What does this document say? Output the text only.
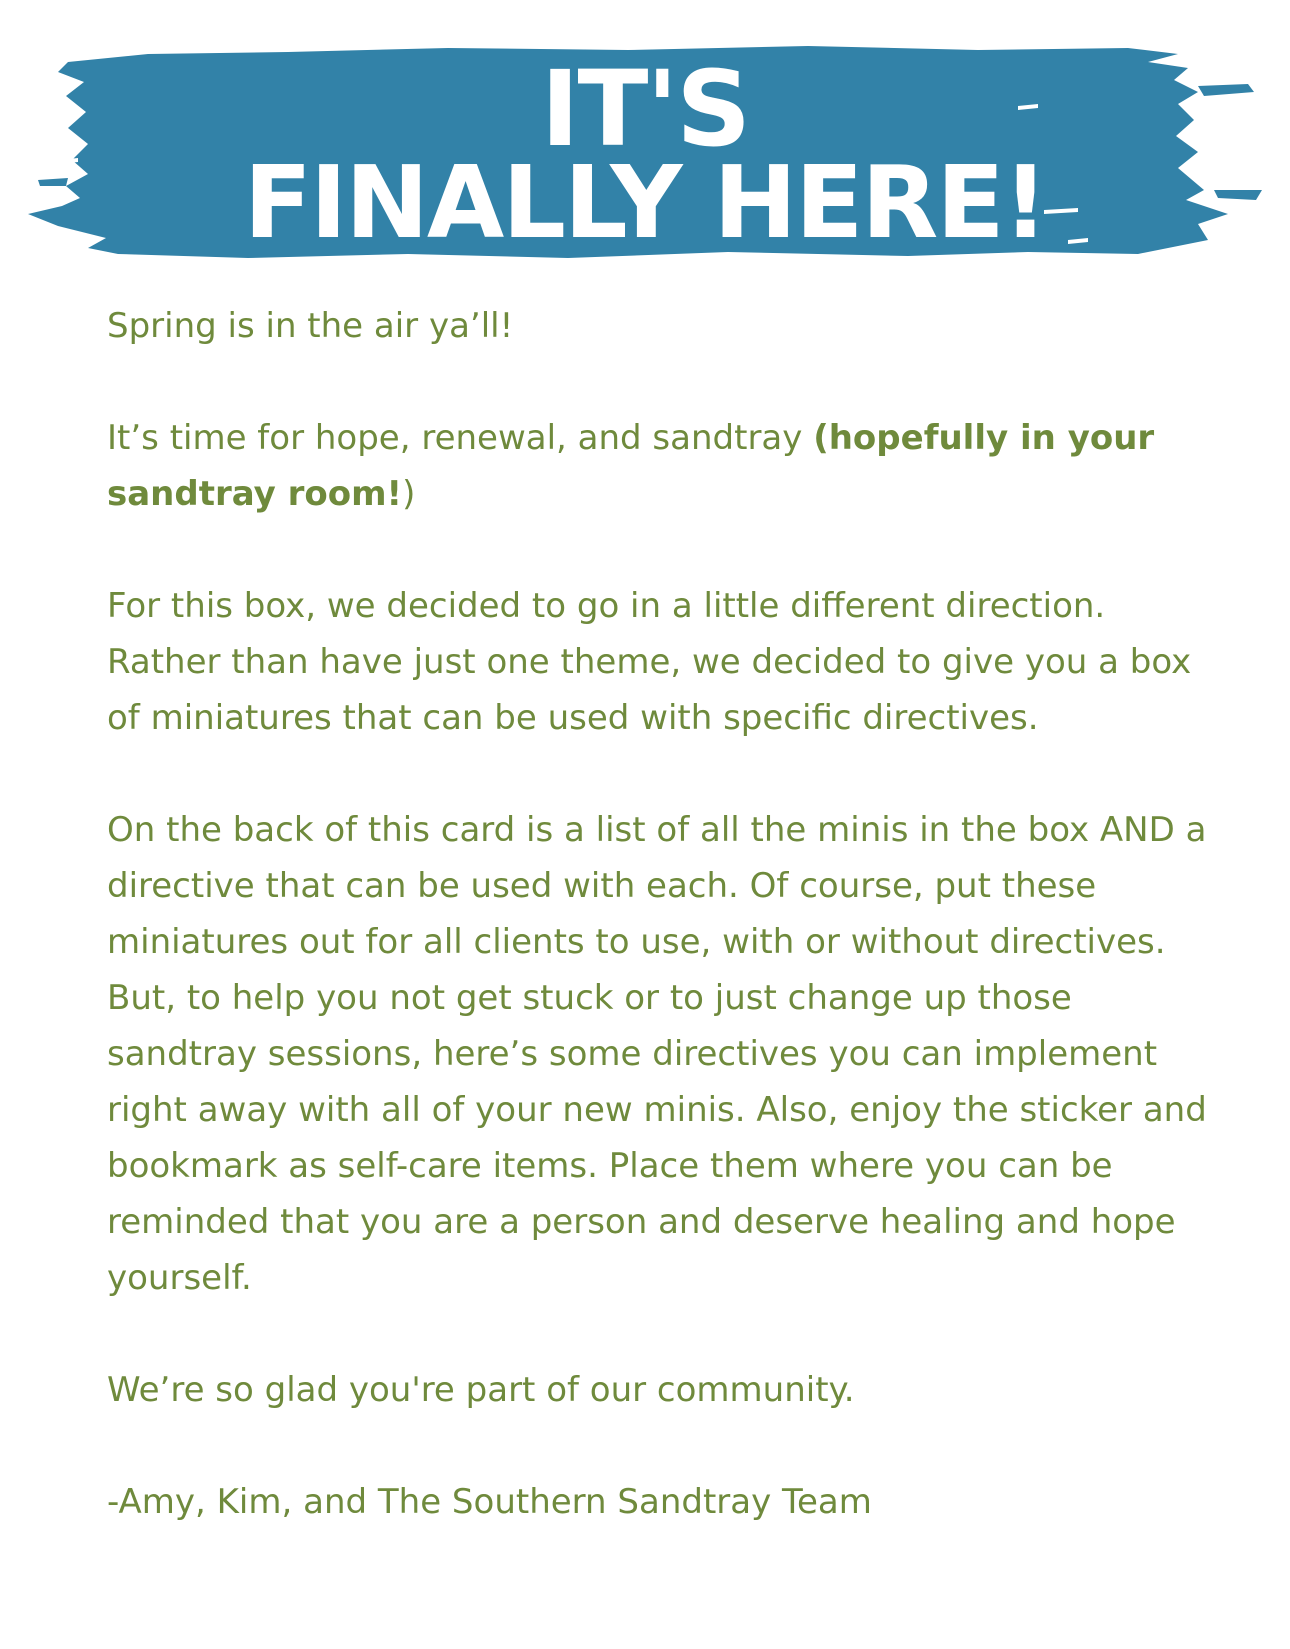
IT'S
FINALLY HERE!

Spring is in the air ya’ll!

It’s time for hope, renewal, and sandtray (hopefully in your sandtray room!)

For this box, we decided to go in a little different direction. Rather than have just one theme, we decided to give you a box of miniatures that can be used with specific directives.

On the back of this card is a list of all the minis in the box AND a directive that can be used with each. Of course, put these miniatures out for all clients to use, with or without directives. But, to help you not get stuck or to just change up those sandtray sessions, here’s some directives you can implement right away with all of your new minis. Also, enjoy the sticker and bookmark as self-care items. Place them where you can be reminded that you are a person and deserve healing and hope yourself.

We’re so glad you're part of our community.

-Amy, Kim, and The Southern Sandtray Team
